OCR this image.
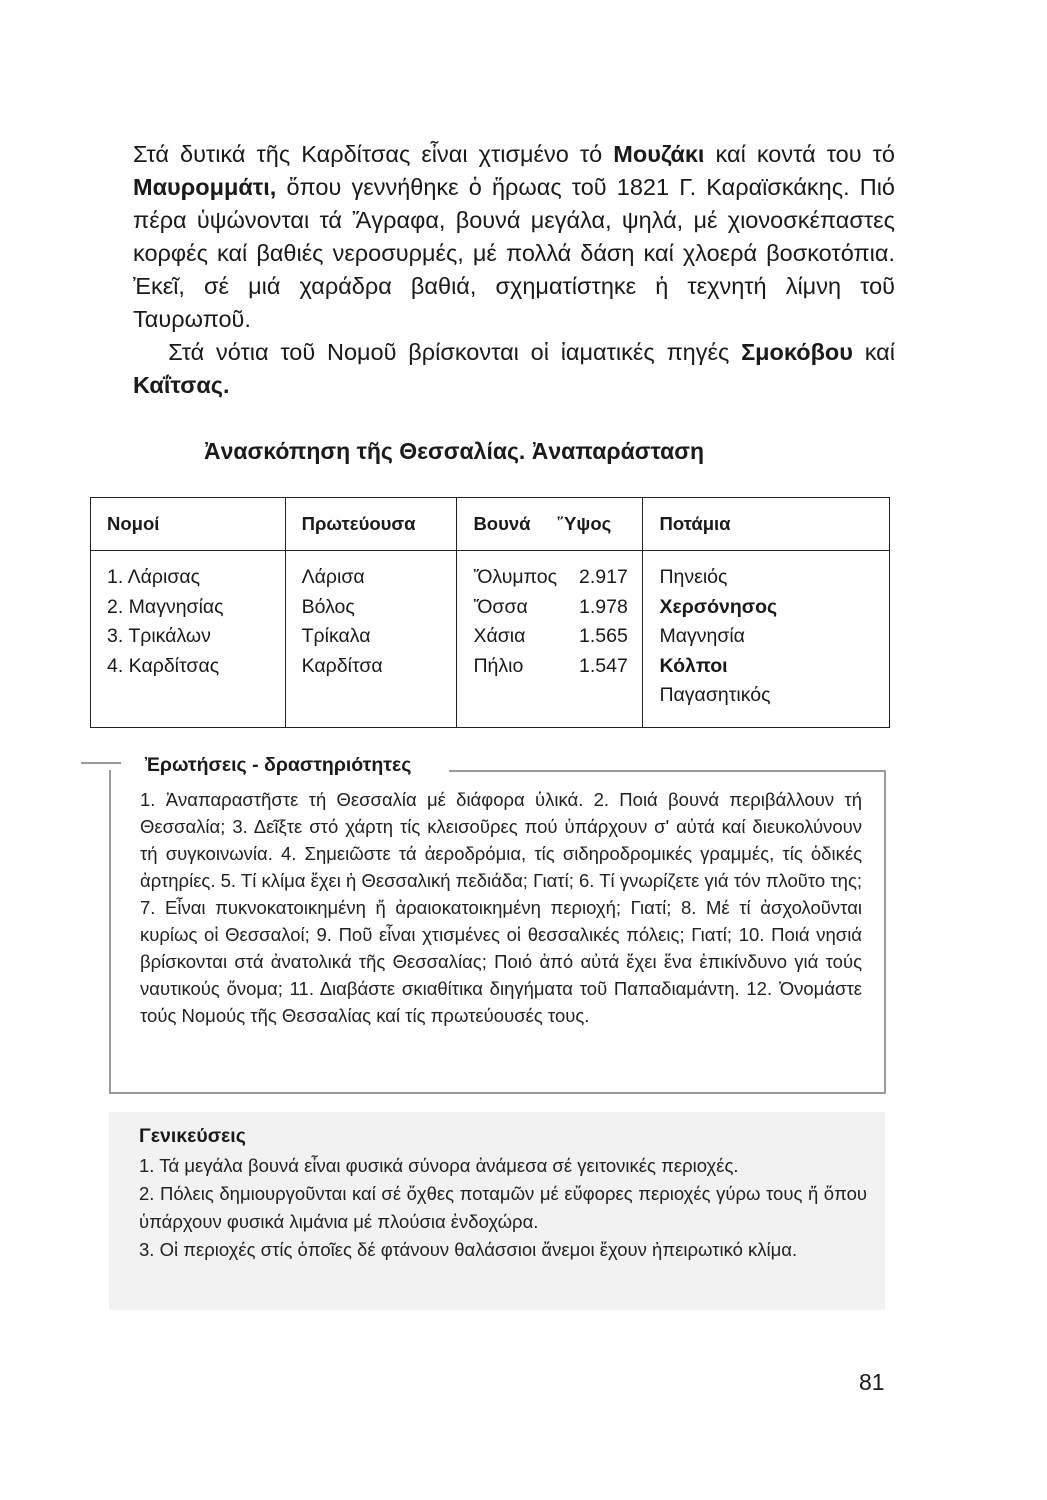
Στά δυτικά τῆς Καρδίτσας εἶναι χτισμένο τό Μουζάκι καί κοντά του τό Μαυρομμάτι, ὅπου γεννήθηκε ὁ ἥρωας τοῦ 1821 Γ. Καραϊσκάκης. Πιό πέρα ὑψώνονται τά Ἄγραφα, βουνά μεγάλα, ψηλά, μέ χιονοσκέπαστες κορφές καί βαθιές νεροσυρμές, μέ πολλά δάση καί χλοερά βοσκοτόπια. Ἐκεῖ, σέ μιά χαράδρα βαθιά, σχηματίστηκε ἡ τεχνητή λίμνη τοῦ Ταυρωποῦ.

Στά νότια τοῦ Νομοῦ βρίσκονται οἱ ἰαματικές πηγές Σμοκόβου καί Καΐτσας.

Ἀνασκόπηση τῆς Θεσσαλίας. Ἀναπαράσταση
Νομοί	Πρωτεύουσα	Βουνά	Ὕψος	Ποτάμια
1. Λάρισας	Λάρισα	Ὄλυμπος	2.917	Πηνειός
2. Μαγνησίας	Βόλος	Ὄσσα	1.978	Χερσόνησος
3. Τρικάλων	Τρίκαλα	Χάσια	1.565	Μαγνησία
4. Καρδίτσας	Καρδίτσα	Πήλιο	1.547	Κόλποι
				Παγασητικός
Ἐρωτήσεις - δραστηριότητες
1. Ἀναπαραστῆστε τή Θεσσαλία μέ διάφορα ὑλικά. 2. Ποιά βουνά περιβάλλουν τή Θεσσαλία; 3. Δεῖξτε στό χάρτη τίς κλεισοῦρες πού ὑπάρχουν σ' αὐτά καί διευκολύνουν τή συγκοινωνία. 4. Σημειῶστε τά ἀεροδρόμια, τίς σιδηροδρομικές γραμμές, τίς ὁδικές ἀρτηρίες. 5. Τί κλίμα ἔχει ἡ Θεσσαλική πεδιάδα; Γιατί; 6. Τί γνωρίζετε γιά τόν πλοῦτο της; 7. Εἶναι πυκνοκατοικημένη ἤ ἀραιοκατοικημένη περιοχή; Γιατί; 8. Μέ τί ἀσχολοῦνται κυρίως οἱ Θεσσαλοί; 9. Ποῦ εἶναι χτισμένες οἱ θεσσαλικές πόλεις; Γιατί; 10. Ποιά νησιά βρίσκονται στά ἀνατολικά τῆς Θεσσαλίας; Ποιό ἀπό αὐτά ἔχει ἕνα ἐπικίνδυνο γιά τούς ναυτικούς ὄνομα; 11. Διαβάστε σκιαθίτικα διηγήματα τοῦ Παπαδιαμάντη. 12. Ὀνομάστε τούς Νομούς τῆς Θεσσαλίας καί τίς πρωτεύουσές τους.
Γενικεύσεις

1. Τά μεγάλα βουνά εἶναι φυσικά σύνορα ἀνάμεσα σέ γειτονικές περιοχές.

2. Πόλεις δημιουργοῦνται καί σέ ὄχθες ποταμῶν μέ εὔφορες περιοχές γύρω τους ἤ ὅπου ὑπάρχουν φυσικά λιμάνια μέ πλούσια ἐνδοχώρα.

3. Οἱ περιοχές στίς ὁποῖες δέ φτάνουν θαλάσσιοι ἄνεμοι ἔχουν ἠπειρωτικό κλίμα.

81
